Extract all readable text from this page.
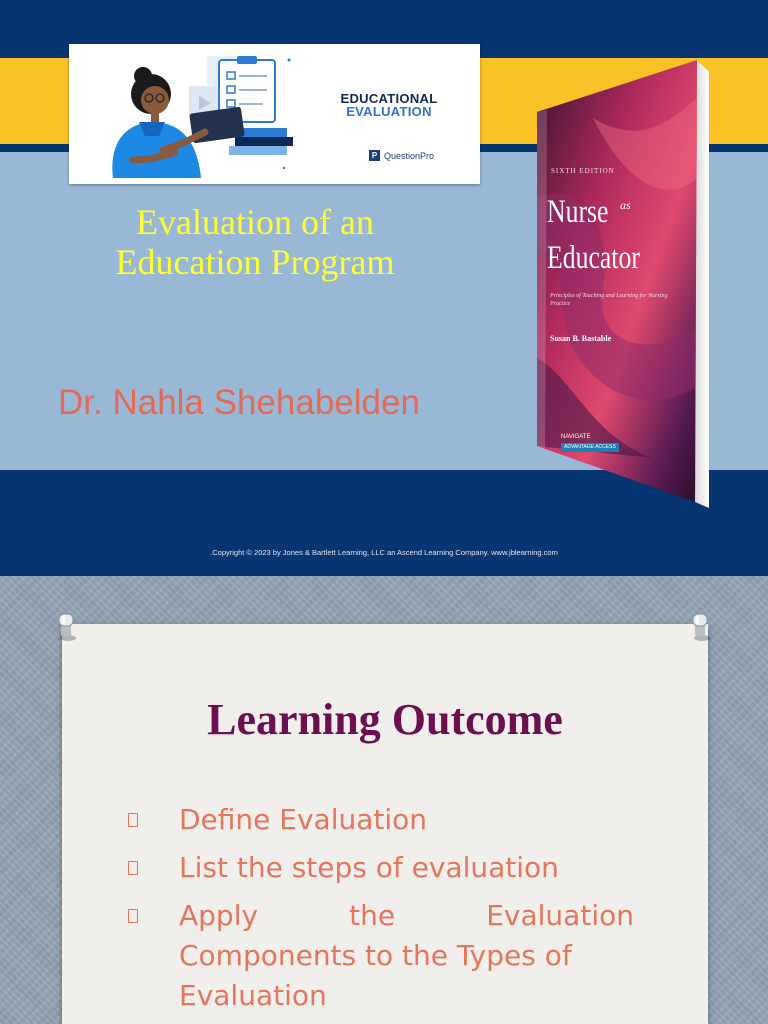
EDUCATIONAL
EVALUATION
P QuestionPro
Evaluation of an
Education Program
Dr. Nahla Shehabelden
SIXTH EDITION
Nurse as
Educator
Principles of Teaching and Learning for Nursing Practice
Susan B. Bastable
NAVIGATE
ADVANTAGE ACCESS
.Copyright © 2023 by Jones & Bartlett Learning, LLC an Ascend Learning Company. www.jblearning.com
Learning Outcome
Define Evaluation
List the steps of evaluation
Apply	the	Evaluation
Components to the Types of Evaluation
